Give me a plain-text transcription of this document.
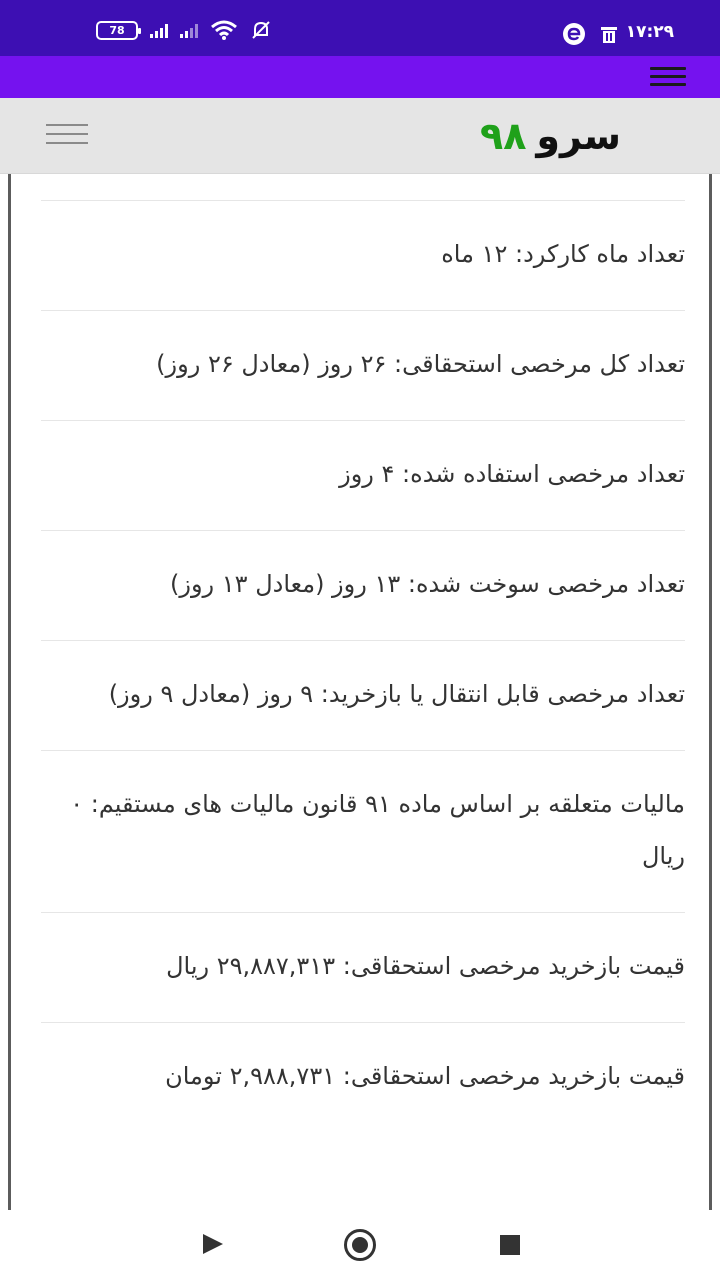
78	۱۷:۲۹
سرو
۹۸
تعداد ماه کارکرد: ۱۲ ماه
تعداد کل مرخصی استحقاقی: ۲۶ روز (معادل ۲۶ روز)
تعداد مرخصی استفاده شده: ۴ روز
تعداد مرخصی سوخت شده: ۱۳ روز (معادل ۱۳ روز)
تعداد مرخصی قابل انتقال یا بازخرید: ۹ روز (معادل ۹ روز)
مالیات متعلقه بر اساس ماده ۹۱ قانون مالیات های مستقیم: ۰ ریال
قیمت بازخرید مرخصی استحقاقی: ۲۹,۸۸۷,۳۱۳ ریال
قیمت بازخرید مرخصی استحقاقی: ۲,۹۸۸,۷۳۱ تومان
